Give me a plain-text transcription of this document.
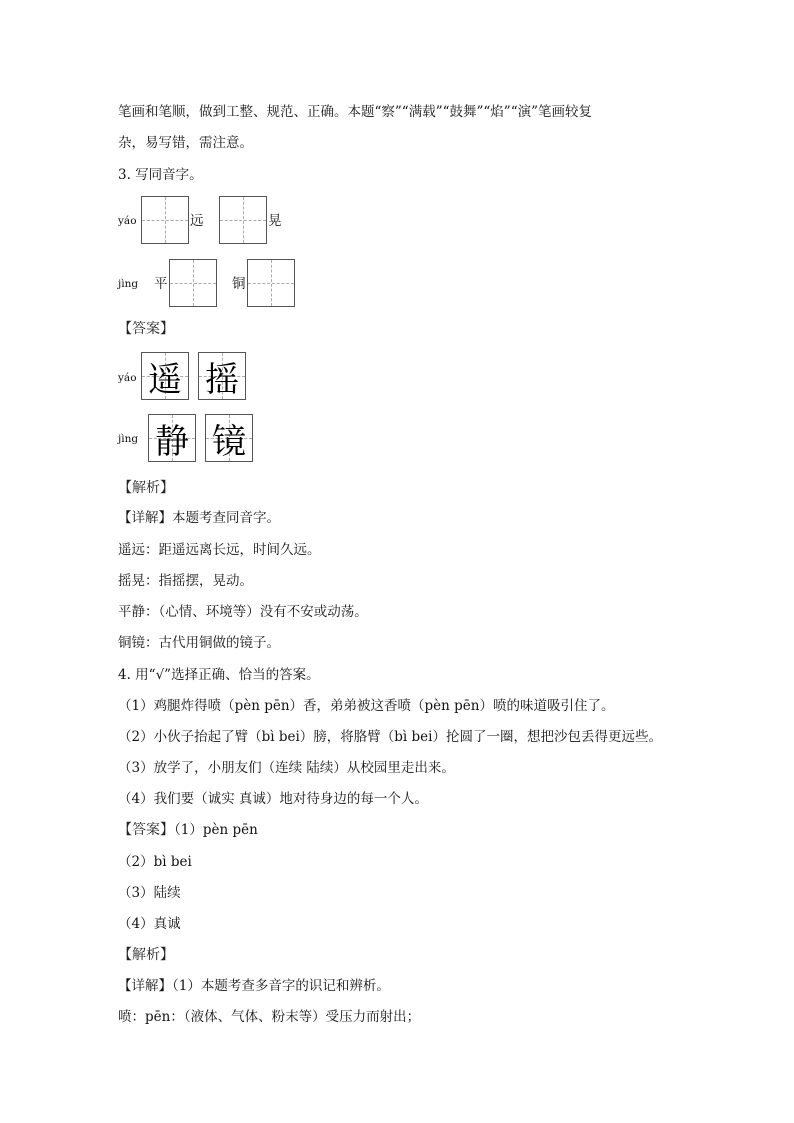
笔画和笔顺，做到工整、规范、正确。本题“察”“满载”“鼓舞”“焰”“演”笔画较复
杂，易写错，需注意。
3. 写同音字。
yáo	远	晃
jìng 平	铜
【答案】
yáo 遥 摇
jìng 静 镜
【解析】
【详解】本题考查同音字。
遥远：距遥远离长远，时间久远。
摇晃：指摇摆，晃动。
平静：（心情、环境等）没有不安或动荡。
铜镜：古代用铜做的镜子。
4. 用“√”选择正确、恰当的答案。
（1）鸡腿炸得喷（pèn pēn）香，弟弟被这香喷（pèn pēn）喷的味道吸引住了。
（2）小伙子抬起了臂（bì bei）膀，将胳臂（bì bei）抡圆了一圈，想把沙包丢得更远些。
（3）放学了，小朋友们（连续 陆续）从校园里走出来。
（4）我们要（诚实 真诚）地对待身边的每一个人。
【答案】（1）pèn pēn
（2）bì bei
（3）陆续
（4）真诚
【解析】
【详解】（1）本题考查多音字的识记和辨析。
喷：pēn：（液体、气体、粉末等）受压力而射出；
